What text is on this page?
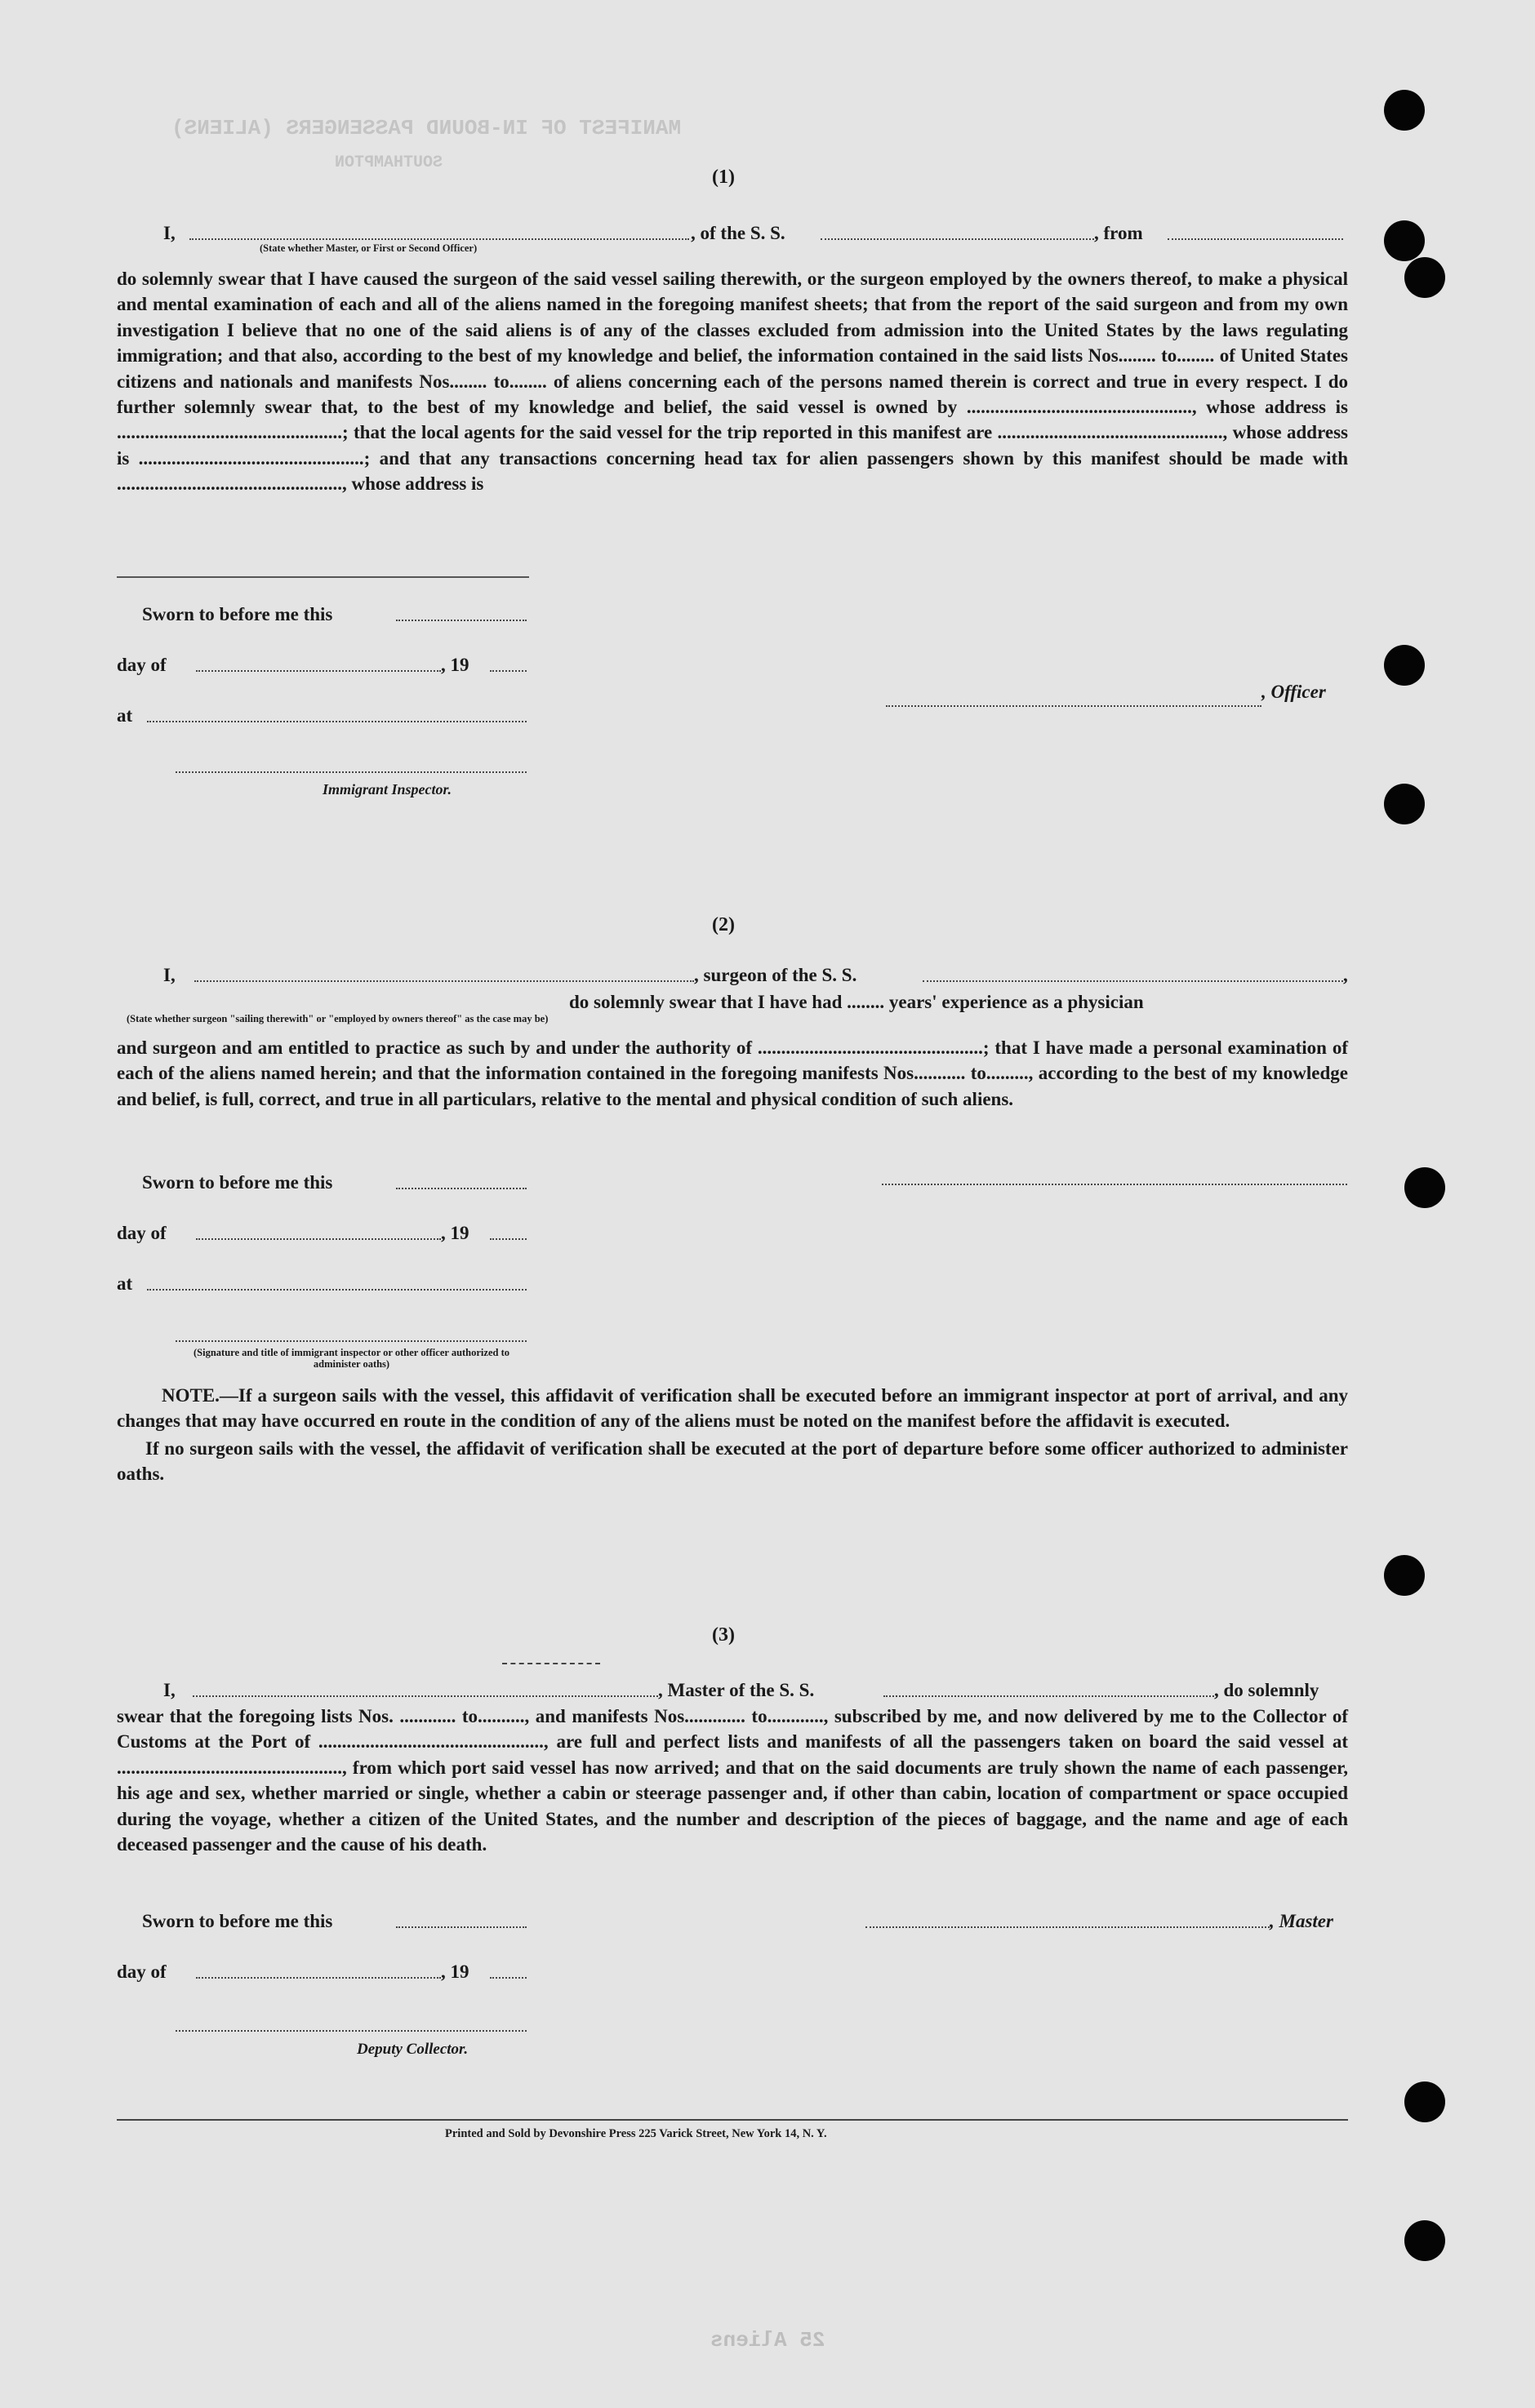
MANIFEST OF IN-BOUND PASSENGERS (ALIENS)
SOUTHAMPTON
25 Aliens
(1)
I,	, of the S. S.	, from
(State whether Master, or First or Second Officer)

do solemnly swear that I have caused the surgeon of the said vessel sailing therewith, or the surgeon employed by the owners thereof, to make a physical and mental examination of each and all of the aliens named in the foregoing manifest sheets; that from the report of the said surgeon and from my own investigation I believe that no one of the said aliens is of any of the classes excluded from admission into the United States by the laws regulating immigration; and that also, according to the best of my knowledge and belief, the information contained in the said lists Nos........ to........ of United States citizens and nationals and manifests Nos........ to........ of aliens concerning each of the persons named therein is correct and true in every respect. I do further solemnly swear that, to the best of my knowledge and belief, the said vessel is owned by ................................................, whose address is ................................................; that the local agents for the said vessel for the trip reported in this manifest are ................................................, whose address is ................................................; and that any transactions concerning head tax for alien passengers shown by this manifest should be made with ................................................, whose address is

Sworn to before me this
day of	, 19
, Officer
at
Immigrant Inspector.
(2)
I,	, surgeon of the S. S.	,
(State whether surgeon "sailing therewith" or "employed by owners thereof" as the case may be)
do solemnly swear that I have had ........ years' experience as a physician

and surgeon and am entitled to practice as such by and under the authority of ................................................; that I have made a personal examination of each of the aliens named herein; and that the information contained in the foregoing manifests Nos........... to........., according to the best of my knowledge and belief, is full, correct, and true in all particulars, relative to the mental and physical condition of such aliens.

Sworn to before me this
day of	, 19
at
(Signature and title of immigrant inspector or other officer authorized to administer oaths)

NOTE.—If a surgeon sails with the vessel, this affidavit of verification shall be executed before an immigrant inspector at port of arrival, and any changes that may have occurred en route in the condition of any of the aliens must be noted on the manifest before the affidavit is executed.

If no surgeon sails with the vessel, the affidavit of verification shall be executed at the port of departure before some officer authorized to administer oaths.

(3)
I,	, Master of the S. S.	, do solemnly

swear that the foregoing lists Nos. ............ to.........., and manifests Nos............. to............, subscribed by me, and now delivered by me to the Collector of Customs at the Port of ................................................, are full and perfect lists and manifests of all the passengers taken on board the said vessel at ................................................, from which port said vessel has now arrived; and that on the said documents are truly shown the name of each passenger, his age and sex, whether married or single, whether a cabin or steerage passenger and, if other than cabin, location of compartment or space occupied during the voyage, whether a citizen of the United States, and the number and description of the pieces of baggage, and the name and age of each deceased passenger and the cause of his death.

Sworn to before me this	, Master
day of	, 19
Deputy Collector.
Printed and Sold by Devonshire Press 225 Varick Street, New York 14, N. Y.
